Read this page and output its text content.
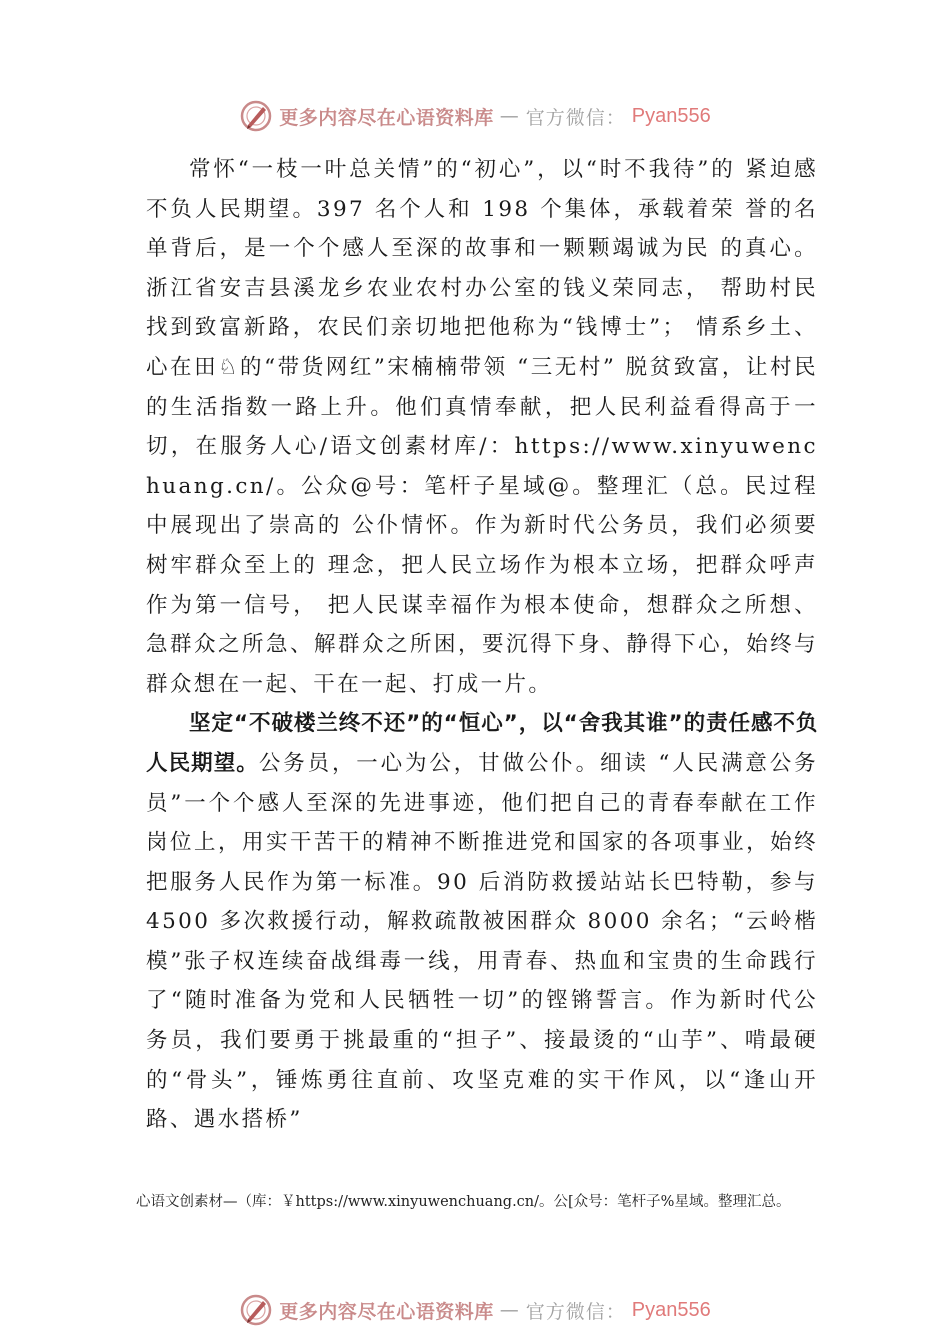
更多内容尽在心语资料库 — 官方微信： Pyan556

常怀“一枝一叶总关情”的“初心”，以“时不我待”的 紧迫感不负人民期望。397 名个人和 198 个集体，承载着荣 誉的名单背后，是一个个感人至深的故事和一颗颗竭诚为民 的真心。浙江省安吉县溪龙乡农业农村办公室的钱义荣同志， 帮助村民找到致富新路，农民们亲切地把他称为“钱博士”； 情系乡土、心在田♘的“带货网红”宋楠楠带领 “三无村” 脱贫致富，让村民的生活指数一路上升。他们真情奉献，把人民利益看得高于一切，在服务人心/语文创素材库/：https://www.xinyuwenchuang.cn/。公众@号：笔杆子星域@。整理汇（总。民过程中展现出了崇高的 公仆情怀。作为新时代公务员，我们必须要树牢群众至上的 理念，把人民立场作为根本立场，把群众呼声作为第一信号， 把人民谋幸福作为根本使命，想群众之所想、急群众之所急、解群众之所困，要沉得下身、静得下心，始终与群众想在一起、干在一起、打成一片。

坚定“不破楼兰终不还”的“恒心”，以“舍我其谁”的责任感不负人民期望。公务员，一心为公，甘做公仆。细读 “人民满意公务员”一个个感人至深的先进事迹，他们把自己的青春奉献在工作岗位上，用实干苦干的精神不断推进党和国家的各项事业，始终把服务人民作为第一标准。90 后消防救援站站长巴特勒，参与 4500 多次救援行动，解救疏散被困群众 8000 余名；“云岭楷模”张子权连续奋战缉毒一线，用青春、热血和宝贵的生命践行了“随时准备为党和人民牺牲一切”的铿锵誓言。作为新时代公务员，我们要勇于挑最重的“担子”、接最烫的“山芋”、啃最硬的“骨头”，锤炼勇往直前、攻坚克难的实干作风，以“逢山开路、遇水搭桥”

心语文创素材—（库：￥https://www.xinyuwenchuang.cn/。公[众号：笔杆子%星域。整理汇总。
更多内容尽在心语资料库 — 官方微信： Pyan556
